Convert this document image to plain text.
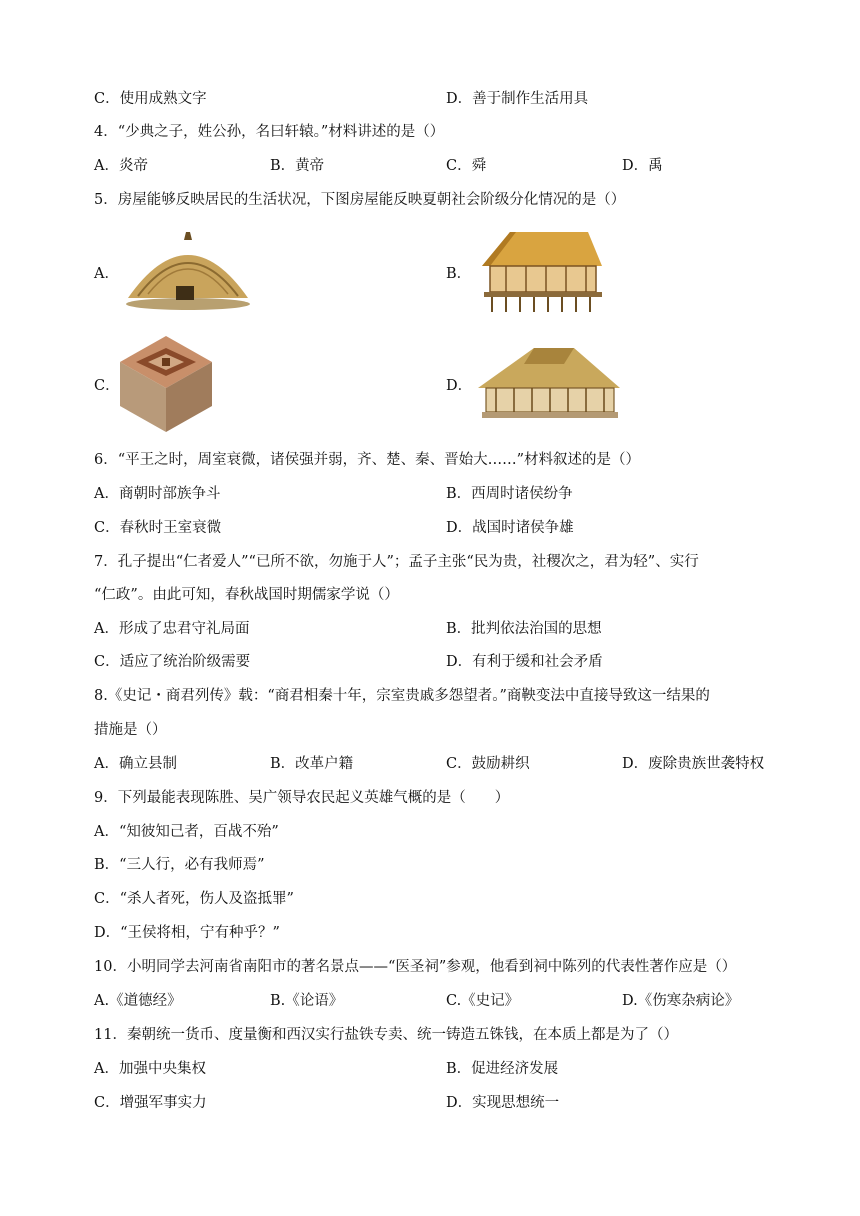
C．使用成熟文字	D．善于制作生活用具
4．“少典之子，姓公孙，名曰轩辕。”材料讲述的是（）
A．炎帝	B．黄帝	C．舜	D．禹
5．房屋能够反映居民的生活状况，下图房屋能反映夏朝社会阶级分化情况的是（）
A．	B．
C．	D．
6．“平王之时，周室衰微，诸侯强并弱，齐、楚、秦、晋始大……”材料叙述的是（）
A．商朝时部族争斗	B．西周时诸侯纷争
C．春秋时王室衰微	D．战国时诸侯争雄
7．孔子提出“仁者爱人”“已所不欲，勿施于人”；孟子主张“民为贵，社稷次之，君为轻”、实行
“仁政”。由此可知，春秋战国时期儒家学说（）
A．形成了忠君守礼局面	B．批判依法治国的思想
C．适应了统治阶级需要	D．有利于缓和社会矛盾
8.《史记・商君列传》载：“商君相秦十年，宗室贵戚多怨望者。”商鞅变法中直接导致这一结果的
措施是（）
A．确立县制	B．改革户籍	C．鼓励耕织	D．废除贵族世袭特权
9．下列最能表现陈胜、吴广领导农民起义英雄气概的是（　　）
A．“知彼知己者，百战不殆”
B．“三人行，必有我师焉”
C．“杀人者死，伤人及盗抵罪”
D．“王侯将相，宁有种乎？”
10．小明同学去河南省南阳市的著名景点——“医圣祠”参观，他看到祠中陈列的代表性著作应是（）
A.《道德经》	B.《论语》	C.《史记》	D.《伤寒杂病论》
11．秦朝统一货币、度量衡和西汉实行盐铁专卖、统一铸造五铢钱，在本质上都是为了（）
A．加强中央集权	B．促进经济发展
C．增强军事实力	D．实现思想统一
